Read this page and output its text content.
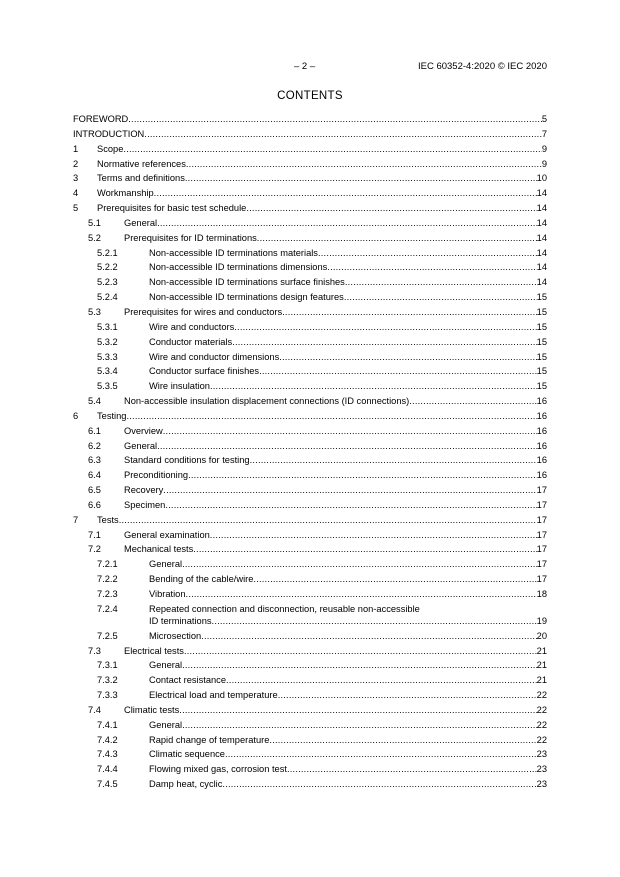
– 2 –	IEC 60352-4:2020 © IEC 2020
CONTENTS
FOREWORD .....	5
INTRODUCTION .....	7
1	Scope .....	9
2	Normative references .....	9
3	Terms and definitions .....	10
4	Workmanship .....	14
5	Prerequisites for basic test schedule .....	14
5.1	General .....	14
5.2	Prerequisites for ID terminations .....	14
5.2.1	Non-accessible ID terminations materials .....	14
5.2.2	Non-accessible ID terminations dimensions .....	14
5.2.3	Non-accessible ID terminations surface finishes .....	14
5.2.4	Non-accessible ID terminations design features .....	15
5.3	Prerequisites for wires and conductors .....	15
5.3.1	Wire and conductors .....	15
5.3.2	Conductor materials .....	15
5.3.3	Wire and conductor dimensions .....	15
5.3.4	Conductor surface finishes .....	15
5.3.5	Wire insulation .....	15
5.4	Non-accessible insulation displacement connections (ID connections) .....	16
6	Testing .....	16
6.1	Overview .....	16
6.2	General .....	16
6.3	Standard conditions for testing .....	16
6.4	Preconditioning .....	16
6.5	Recovery .....	17
6.6	Specimen .....	17
7	Tests .....	17
7.1	General examination .....	17
7.2	Mechanical tests .....	17
7.2.1	General .....	17
7.2.2	Bending of the cable/wire .....	17
7.2.3	Vibration .....	18
7.2.4	Repeated connection and disconnection, reusable non-accessible
ID terminations .....	19
7.2.5	Microsection .....	20
7.3	Electrical tests .....	21
7.3.1	General .....	21
7.3.2	Contact resistance .....	21
7.3.3	Electrical load and temperature .....	22
7.4	Climatic tests .....	22
7.4.1	General .....	22
7.4.2	Rapid change of temperature .....	22
7.4.3	Climatic sequence .....	23
7.4.4	Flowing mixed gas, corrosion test .....	23
7.4.5	Damp heat, cyclic .....	23
